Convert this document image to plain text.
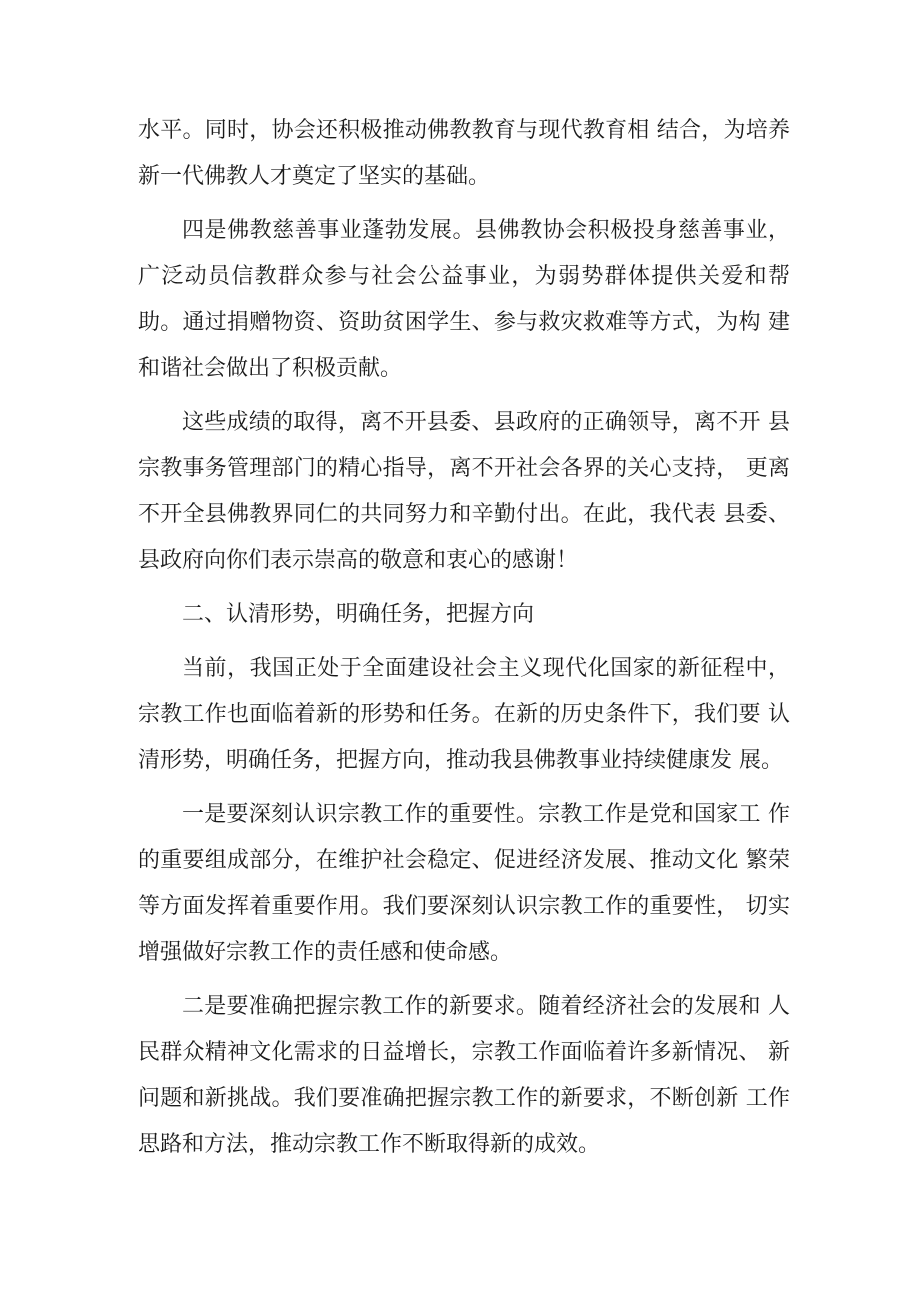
水平。同时，协会还积极推动佛教教育与现代教育相 结合，为培养新一代佛教人才奠定了坚实的基础。

四是佛教慈善事业蓬勃发展。县佛教协会积极投身慈善事业，广泛动员信教群众参与社会公益事业，为弱势群体提供关爱和帮 助。通过捐赠物资、资助贫困学生、参与救灾救难等方式，为构 建和谐社会做出了积极贡献。

这些成绩的取得，离不开县委、县政府的正确领导，离不开 县宗教事务管理部门的精心指导，离不开社会各界的关心支持， 更离不开全县佛教界同仁的共同努力和辛勤付出。在此，我代表 县委、县政府向你们表示崇高的敬意和衷心的感谢！

二、认清形势，明确任务，把握方向

当前，我国正处于全面建设社会主义现代化国家的新征程中，宗教工作也面临着新的形势和任务。在新的历史条件下，我们要 认清形势，明确任务，把握方向，推动我县佛教事业持续健康发 展。

一是要深刻认识宗教工作的重要性。宗教工作是党和国家工 作的重要组成部分，在维护社会稳定、促进经济发展、推动文化 繁荣等方面发挥着重要作用。我们要深刻认识宗教工作的重要性， 切实增强做好宗教工作的责任感和使命感。

二是要准确把握宗教工作的新要求。随着经济社会的发展和 人民群众精神文化需求的日益增长，宗教工作面临着许多新情况、 新问题和新挑战。我们要准确把握宗教工作的新要求，不断创新 工作思路和方法，推动宗教工作不断取得新的成效。
